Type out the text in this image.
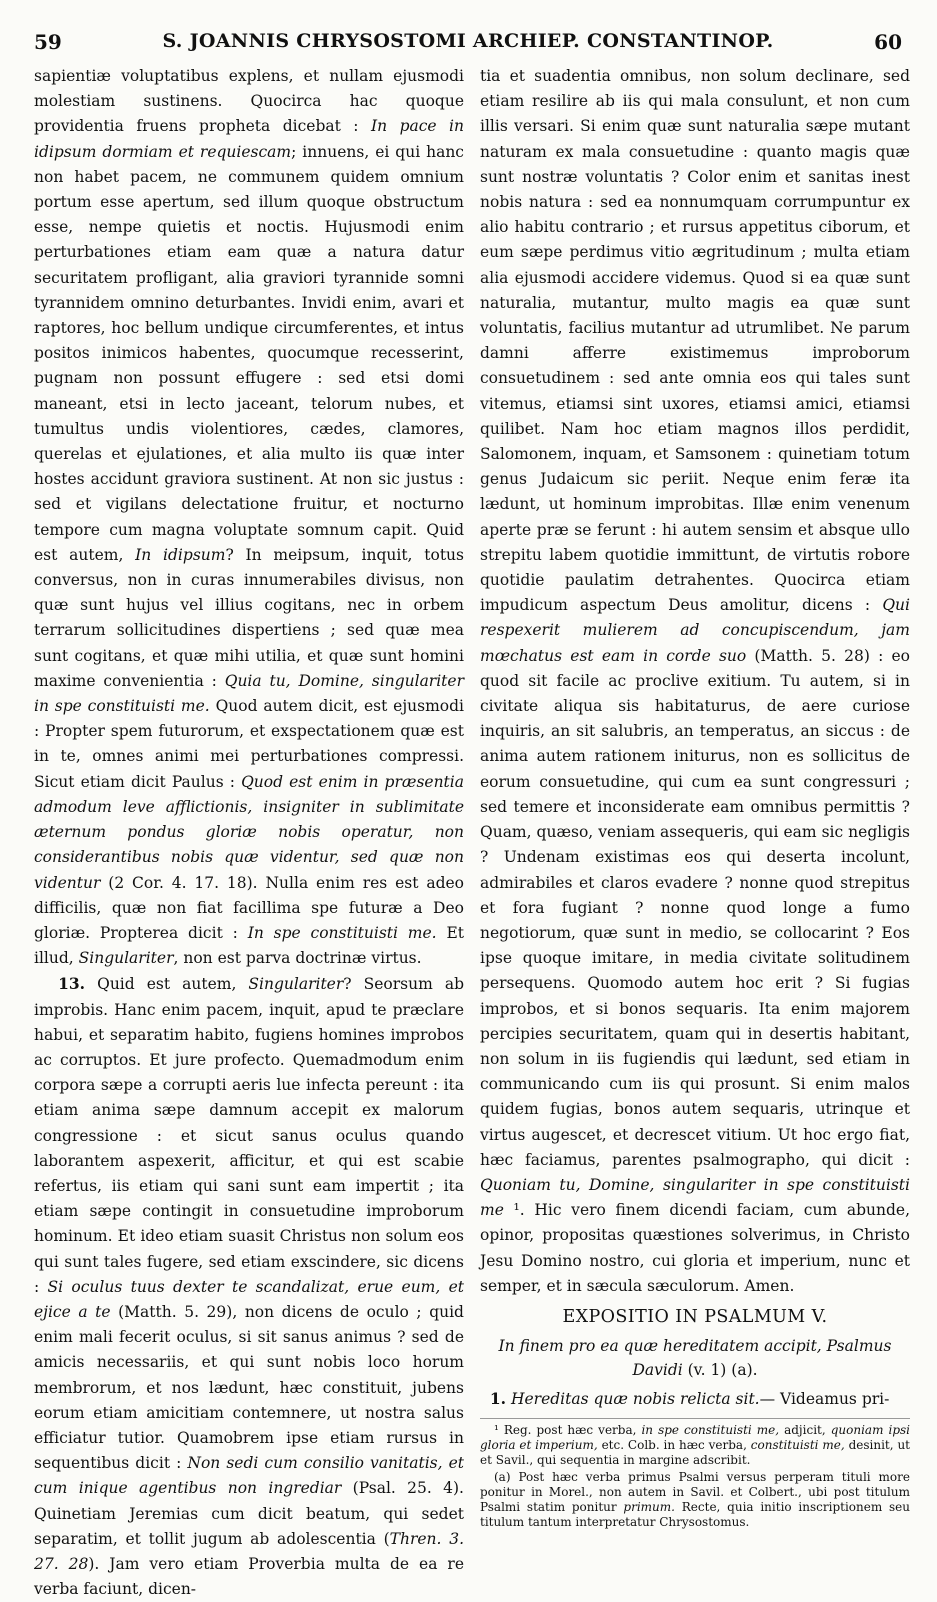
59	S. JOANNIS CHRYSOSTOMI ARCHIEP. CONSTANTINOP.	60

sapientiæ voluptatibus explens, et nullam ejusmodi molestiam sustinens. Quocirca hac quoque providentia fruens propheta dicebat : In pace in idipsum dormiam et requiescam; innuens, ei qui hanc non habet pacem, ne communem quidem omnium portum esse apertum, sed illum quoque obstructum esse, nempe quietis et noctis. Hujusmodi enim perturbationes etiam eam quæ a natura datur securitatem profligant, alia graviori tyrannide somni tyrannidem omnino deturbantes. Invidi enim, avari et raptores, hoc bellum undique circumferentes, et intus positos inimicos habentes, quocumque recesserint, pugnam non possunt effugere : sed etsi domi maneant, etsi in lecto jaceant, telorum nubes, et tumultus undis violentiores, cædes, clamores, querelas et ejulationes, et alia multo iis quæ inter hostes accidunt graviora sustinent. At non sic justus : sed et vigilans delectatione fruitur, et nocturno tempore cum magna voluptate somnum capit. Quid est autem, In idipsum? In meipsum, inquit, totus conversus, non in curas innumerabiles divisus, non quæ sunt hujus vel illius cogitans, nec in orbem terrarum sollicitudines dispertiens ; sed quæ mea sunt cogitans, et quæ mihi utilia, et quæ sunt homini maxime convenientia : Quia tu, Domine, singulariter in spe constituisti me. Quod autem dicit, est ejusmodi : Propter spem futurorum, et exspectationem quæ est in te, omnes animi mei perturbationes compressi. Sicut etiam dicit Paulus : Quod est enim in præsentia admodum leve afflictionis, insigniter in sublimitate æternum pondus gloriæ nobis operatur, non considerantibus nobis quæ videntur, sed quæ non videntur (2 Cor. 4. 17. 18). Nulla enim res est adeo difficilis, quæ non fiat facillima spe futuræ a Deo gloriæ. Propterea dicit : In spe constituisti me. Et illud, Singulariter, non est parva doctrinæ virtus.

13. Quid est autem, Singulariter? Seorsum ab improbis. Hanc enim pacem, inquit, apud te præclare habui, et separatim habito, fugiens homines improbos ac corruptos. Et jure profecto. Quemadmodum enim corpora sæpe a corrupti aeris lue infecta pereunt : ita etiam anima sæpe damnum accepit ex malorum congressione : et sicut sanus oculus quando laborantem aspexerit, afficitur, et qui est scabie refertus, iis etiam qui sani sunt eam impertit ; ita etiam sæpe contingit in consuetudine improborum hominum. Et ideo etiam suasit Christus non solum eos qui sunt tales fugere, sed etiam exscindere, sic dicens : Si oculus tuus dexter te scandalizat, erue eum, et ejice a te (Matth. 5. 29), non dicens de oculo ; quid enim mali fecerit oculus, si sit sanus animus ? sed de amicis necessariis, et qui sunt nobis loco horum membrorum, et nos lædunt, hæc constituit, jubens eorum etiam amicitiam contemnere, ut nostra salus efficiatur tutior. Quamobrem ipse etiam rursus in sequentibus dicit : Non sedi cum consilio vanitatis, et cum inique agentibus non ingrediar (Psal. 25. 4). Quinetiam Jeremias cum dicit beatum, qui sedet separatim, et tollit jugum ab adolescentia (Thren. 3. 27. 28). Jam vero etiam Proverbia multa de ea re verba faciunt, dicen-

tia et suadentia omnibus, non solum declinare, sed etiam resilire ab iis qui mala consulunt, et non cum illis versari. Si enim quæ sunt naturalia sæpe mutant naturam ex mala consuetudine : quanto magis quæ sunt nostræ voluntatis ? Color enim et sanitas inest nobis natura : sed ea nonnumquam corrumpuntur ex alio habitu contrario ; et rursus appetitus ciborum, et eum sæpe perdimus vitio ægritudinum ; multa etiam alia ejusmodi accidere videmus. Quod si ea quæ sunt naturalia, mutantur, multo magis ea quæ sunt voluntatis, facilius mutantur ad utrumlibet. Ne parum damni afferre existimemus improborum consuetudinem : sed ante omnia eos qui tales sunt vitemus, etiamsi sint uxores, etiamsi amici, etiamsi quilibet. Nam hoc etiam magnos illos perdidit, Salomonem, inquam, et Samsonem : quinetiam totum genus Judaicum sic periit. Neque enim feræ ita lædunt, ut hominum improbitas. Illæ enim venenum aperte præ se ferunt : hi autem sensim et absque ullo strepitu labem quotidie immittunt, de virtutis robore quotidie paulatim detrahentes. Quocirca etiam impudicum aspectum Deus amolitur, dicens : Qui respexerit mulierem ad concupiscendum, jam mœchatus est eam in corde suo (Matth. 5. 28) : eo quod sit facile ac proclive exitium. Tu autem, si in civitate aliqua sis habitaturus, de aere curiose inquiris, an sit salubris, an temperatus, an siccus : de anima autem rationem initurus, non es sollicitus de eorum consuetudine, qui cum ea sunt congressuri ; sed temere et inconsiderate eam omnibus permittis ? Quam, quæso, veniam assequeris, qui eam sic negligis ? Undenam existimas eos qui deserta incolunt, admirabiles et claros evadere ? nonne quod strepitus et fora fugiant ? nonne quod longe a fumo negotiorum, quæ sunt in medio, se collocarint ? Eos ipse quoque imitare, in media civitate solitudinem persequens. Quomodo autem hoc erit ? Si fugias improbos, et si bonos sequaris. Ita enim majorem percipies securitatem, quam qui in desertis habitant, non solum in iis fugiendis qui lædunt, sed etiam in communicando cum iis qui prosunt. Si enim malos quidem fugias, bonos autem sequaris, utrinque et virtus augescet, et decrescet vitium. Ut hoc ergo fiat, hæc faciamus, parentes psalmographo, qui dicit : Quoniam tu, Domine, singulariter in spe constituisti me ¹. Hic vero finem dicendi faciam, cum abunde, opinor, propositas quæstiones solverimus, in Christo Jesu Domino nostro, cui gloria et imperium, nunc et semper, et in sæcula sæculorum. Amen.

EXPOSITIO IN PSALMUM V.
In finem pro ea quæ hereditatem accipit, Psalmus Davidi (v. 1) (a).

1. Hereditas quæ nobis relicta sit.— Videamus pri-

¹ Reg. post hæc verba, in spe constituisti me, adjicit, quoniam ipsi gloria et imperium, etc. Colb. in hæc verba, constituisti me, desinit, ut et Savil., qui sequentia in margine adscribit.

(a) Post hæc verba primus Psalmi versus perperam tituli more ponitur in Morel., non autem in Savil. et Colbert., ubi post titulum Psalmi statim ponitur primum. Recte, quia initio inscriptionem seu titulum tantum interpretatur Chrysostomus.
